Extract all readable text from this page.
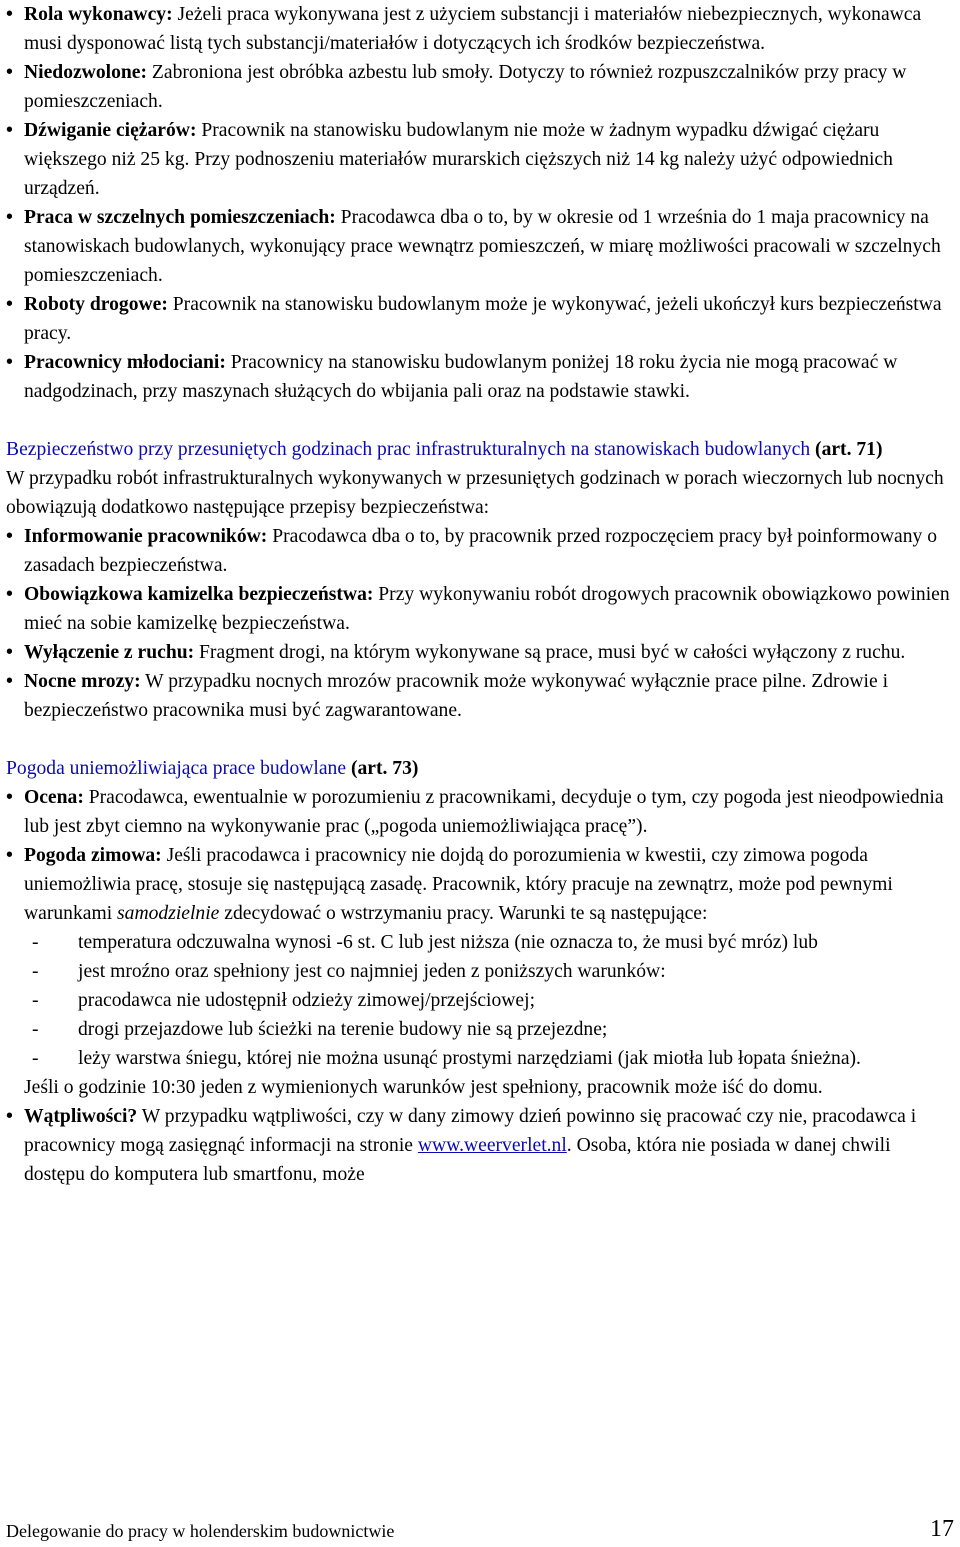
• Rola wykonawcy: Jeżeli praca wykonywana jest z użyciem substancji i materiałów niebezpiecznych, wykonawca musi dysponować listą tych substancji/materiałów i dotyczących ich środków bezpieczeństwa.

• Niedozwolone: Zabroniona jest obróbka azbestu lub smoły. Dotyczy to również rozpuszczalników przy pracy w pomieszczeniach.

• Dźwiganie ciężarów: Pracownik na stanowisku budowlanym nie może w żadnym wypadku dźwigać ciężaru większego niż 25 kg. Przy podnoszeniu materiałów murarskich cięższych niż 14 kg należy użyć odpowiednich urządzeń.

• Praca w szczelnych pomieszczeniach: Pracodawca dba o to, by w okresie od 1 września do 1 maja pracownicy na stanowiskach budowlanych, wykonujący prace wewnątrz pomieszczeń, w miarę możliwości pracowali w szczelnych pomieszczeniach.

• Roboty drogowe: Pracownik na stanowisku budowlanym może je wykonywać, jeżeli ukończył kurs bezpieczeństwa pracy.

• Pracownicy młodociani: Pracownicy na stanowisku budowlanym poniżej 18 roku życia nie mogą pracować w nadgodzinach, przy maszynach służących do wbijania pali oraz na podstawie stawki.

Bezpieczeństwo przy przesuniętych godzinach prac infrastrukturalnych na stanowiskach budowlanych (art. 71)

W przypadku robót infrastrukturalnych wykonywanych w przesuniętych godzinach w porach wieczornych lub nocnych obowiązują dodatkowo następujące przepisy bezpieczeństwa:

• Informowanie pracowników: Pracodawca dba o to, by pracownik przed rozpoczęciem pracy był poinformowany o zasadach bezpieczeństwa.

• Obowiązkowa kamizelka bezpieczeństwa: Przy wykonywaniu robót drogowych pracownik obowiązkowo powinien mieć na sobie kamizelkę bezpieczeństwa.

• Wyłączenie z ruchu: Fragment drogi, na którym wykonywane są prace, musi być w całości wyłączony z ruchu.

• Nocne mrozy: W przypadku nocnych mrozów pracownik może wykonywać wyłącznie prace pilne. Zdrowie i bezpieczeństwo pracownika musi być zagwarantowane.

Pogoda uniemożliwiająca prace budowlane (art. 73)

• Ocena: Pracodawca, ewentualnie w porozumieniu z pracownikami, decyduje o tym, czy pogoda jest nieodpowiednia lub jest zbyt ciemno na wykonywanie prac („pogoda uniemożliwiająca pracę”).

• Pogoda zimowa: Jeśli pracodawca i pracownicy nie dojdą do porozumienia w kwestii, czy zimowa pogoda uniemożliwia pracę, stosuje się następującą zasadę. Pracownik, który pracuje na zewnątrz, może pod pewnymi warunkami samodzielnie zdecydować o wstrzymaniu pracy. Warunki te są następujące:

- temperatura odczuwalna wynosi -6 st. C lub jest niższa (nie oznacza to, że musi być mróz) lub

- jest mroźno oraz spełniony jest co najmniej jeden z poniższych warunków:

- pracodawca nie udostępnił odzieży zimowej/przejściowej;

- drogi przejazdowe lub ścieżki na terenie budowy nie są przejezdne;

- leży warstwa śniegu, której nie można usunąć prostymi narzędziami (jak miotła lub łopata śnieżna).

Jeśli o godzinie 10:30 jeden z wymienionych warunków jest spełniony, pracownik może iść do domu.

• Wątpliwości? W przypadku wątpliwości, czy w dany zimowy dzień powinno się pracować czy nie, pracodawca i pracownicy mogą zasięgnąć informacji na stronie www.weerverlet.nl. Osoba, która nie posiada w danej chwili dostępu do komputera lub smartfonu, może

Delegowanie do pracy w holenderskim budownictwie	17
